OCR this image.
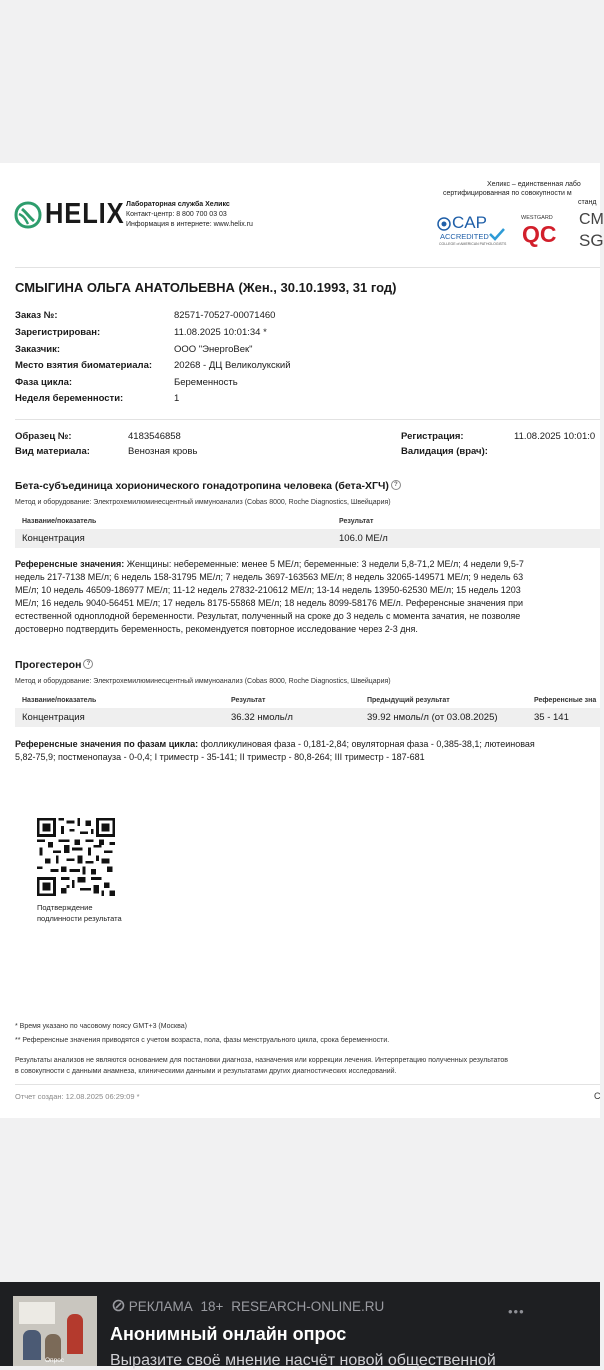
HELIX Лабораторная служба Хеликс
Контакт-центр: 8 800 700 03 03
Информация в интернете: www.helix.ru
Хеликс – единственная лабо
сертифицированная по совокупности м
станд
CAP
ACCREDITED
COLLEGE of AMERICAN PATHOLOGISTS
WESTGARD
QC
CM
SG
СМЫГИНА ОЛЬГА АНАТОЛЬЕВНА (Жен., 30.10.1993, 31 год)
Заказ №:	82571-70527-00071460
Зарегистрирован:	11.08.2025 10:01:34 *
Заказчик:	ООО "ЭнергоВек"
Место взятия биоматериала: 20268 - ДЦ Великолукский
Фаза цикла:	Беременность
Неделя беременности:	1
Образец №:	4183546858
Вид материала:	Венозная кровь
Регистрация:	11.08.2025 10:01:0
Валидация (врач):
Бета-субъединица хорионического гонадотропина человека (бета-ХГЧ) ?
Метод и оборудование: Электрохемилюминесцентный иммуноанализ (Cobas 8000, Roche Diagnostics, Швейцария)
Название/показатель	Результат
Концентрация	106.0 МЕ/л
Референсные значения: Женщины: небеременные: менее 5 МЕ/л; беременные: 3 недели 5,8-71,2 МЕ/л; 4 недели 9,5-7
недель 217-7138 МЕ/л; 6 недель 158-31795 МЕ/л; 7 недель 3697-163563 МЕ/л; 8 недель 32065-149571 МЕ/л; 9 недель 63
МЕ/л; 10 недель 46509-186977 МЕ/л; 11-12 недель 27832-210612 МЕ/л; 13-14 недель 13950-62530 МЕ/л; 15 недель 1203
МЕ/л; 16 недель 9040-56451 МЕ/л; 17 недель 8175-55868 МЕ/л; 18 недель 8099-58176 МЕ/л. Референсные значения при
естественной одноплодной беременности. Результат, полученный на сроке до 3 недель с момента зачатия, не позволяе
достоверно подтвердить беременность, рекомендуется повторное исследование через 2-3 дня.
Прогестерон ?
Метод и оборудование: Электрохемилюминесцентный иммуноанализ (Cobas 8000, Roche Diagnostics, Швейцария)
Название/показатель	Результат	Предыдущий результат	Референсные зна
Концентрация	36.32 нмоль/л	39.92 нмоль/л (от 03.08.2025)	35 - 141
Референсные значения по фазам цикла: фолликулиновая фаза - 0,181-2,84; овуляторная фаза - 0,385-38,1; лютеиновая
5,82-75,9; постменопауза - 0-0,4; I триместр - 35-141; II триместр - 80,8-264; III триместр - 187-681
Подтверждение
подлинности результата
* Время указано по часовому поясу GMT+3 (Москва)
** Референсные значения приводятся с учетом возраста, пола, фазы менструального цикла, срока беременности.
Результаты анализов не являются основанием для постановки диагноза, назначения или коррекции лечения. Интерпретацию полученных результатов
в совокупности с данными анамнеза, клиническими данными и результатами других диагностических исследований.
Отчет создан: 12.08.2025 06:29:09 *	С
Опрос
РЕКЛАМА 18+ RESEARCH-ONLINE.RU	•••
Анонимный онлайн опрос
Выразите своё мнение насчёт новой общественной
